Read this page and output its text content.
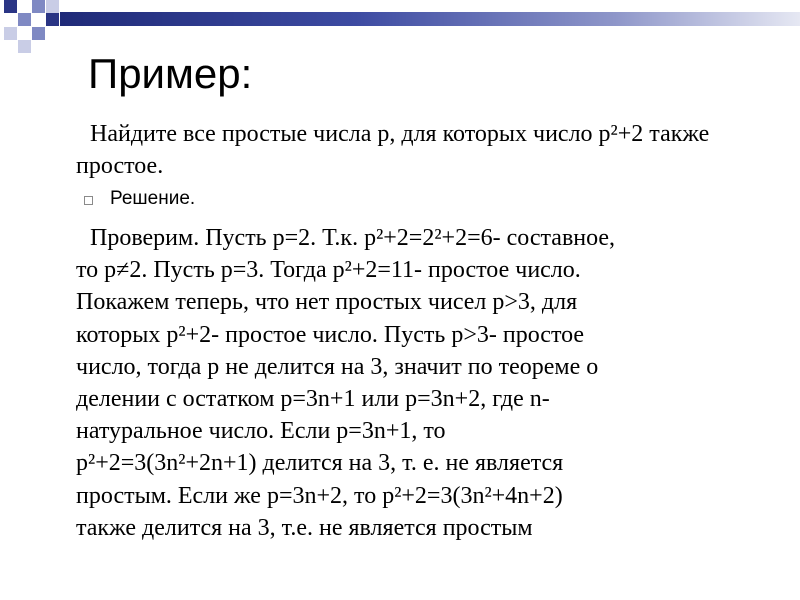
Пример:

Найдите все простые числа p, для которых число p²+2 также простое.

Решение.

Проверим. Пусть p=2. Т.к. p²+2=2²+2=6- составное,
то p≠2. Пусть p=3. Тогда p²+2=11- простое число.
Покажем теперь, что нет простых чисел p>3, для
которых p²+2- простое число. Пусть p>3- простое
число, тогда p не делится на 3, значит по теореме о
делении с остатком p=3n+1 или p=3n+2, где n-
натуральное число. Если p=3n+1, то
p²+2=3(3n²+2n+1) делится на 3, т. е. не является
простым. Если же p=3n+2, то p²+2=3(3n²+4n+2)
также делится на 3, т.е. не является простым
